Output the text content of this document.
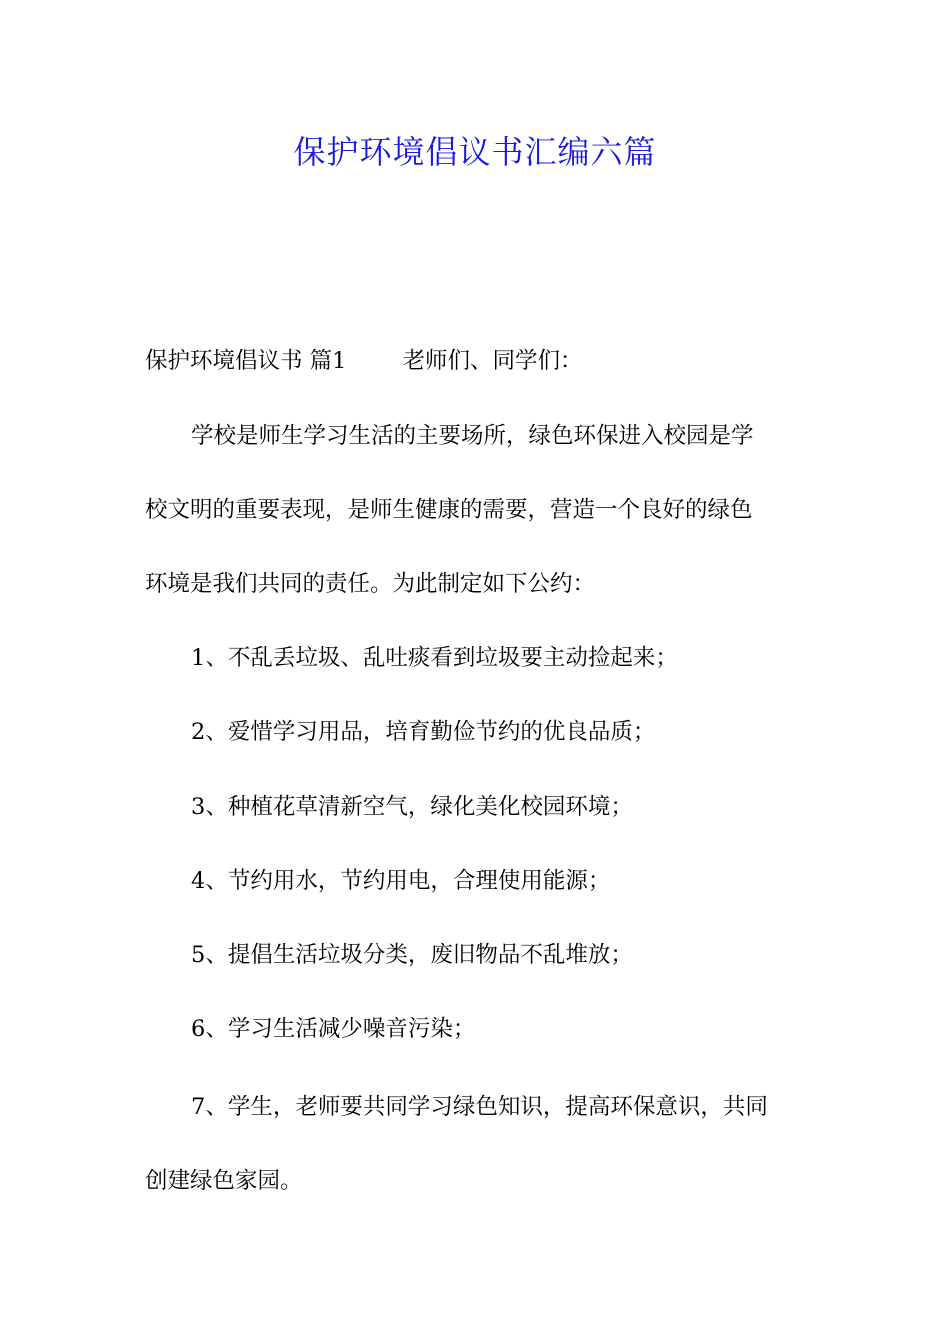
保护环境倡议书汇编六篇
保护环境倡议书 篇1 老师们、同学们：
学校是师生学习生活的主要场所，绿色环保进入校园是学
校文明的重要表现，是师生健康的需要，营造一个良好的绿色
环境是我们共同的责任。为此制定如下公约：
1、不乱丢垃圾、乱吐痰看到垃圾要主动捡起来；
2、爱惜学习用品，培育勤俭节约的优良品质；
3、种植花草清新空气，绿化美化校园环境；
4、节约用水，节约用电，合理使用能源；
5、提倡生活垃圾分类，废旧物品不乱堆放；
6、学习生活减少噪音污染；
7、学生，老师要共同学习绿色知识，提高环保意识，共同
创建绿色家园。
